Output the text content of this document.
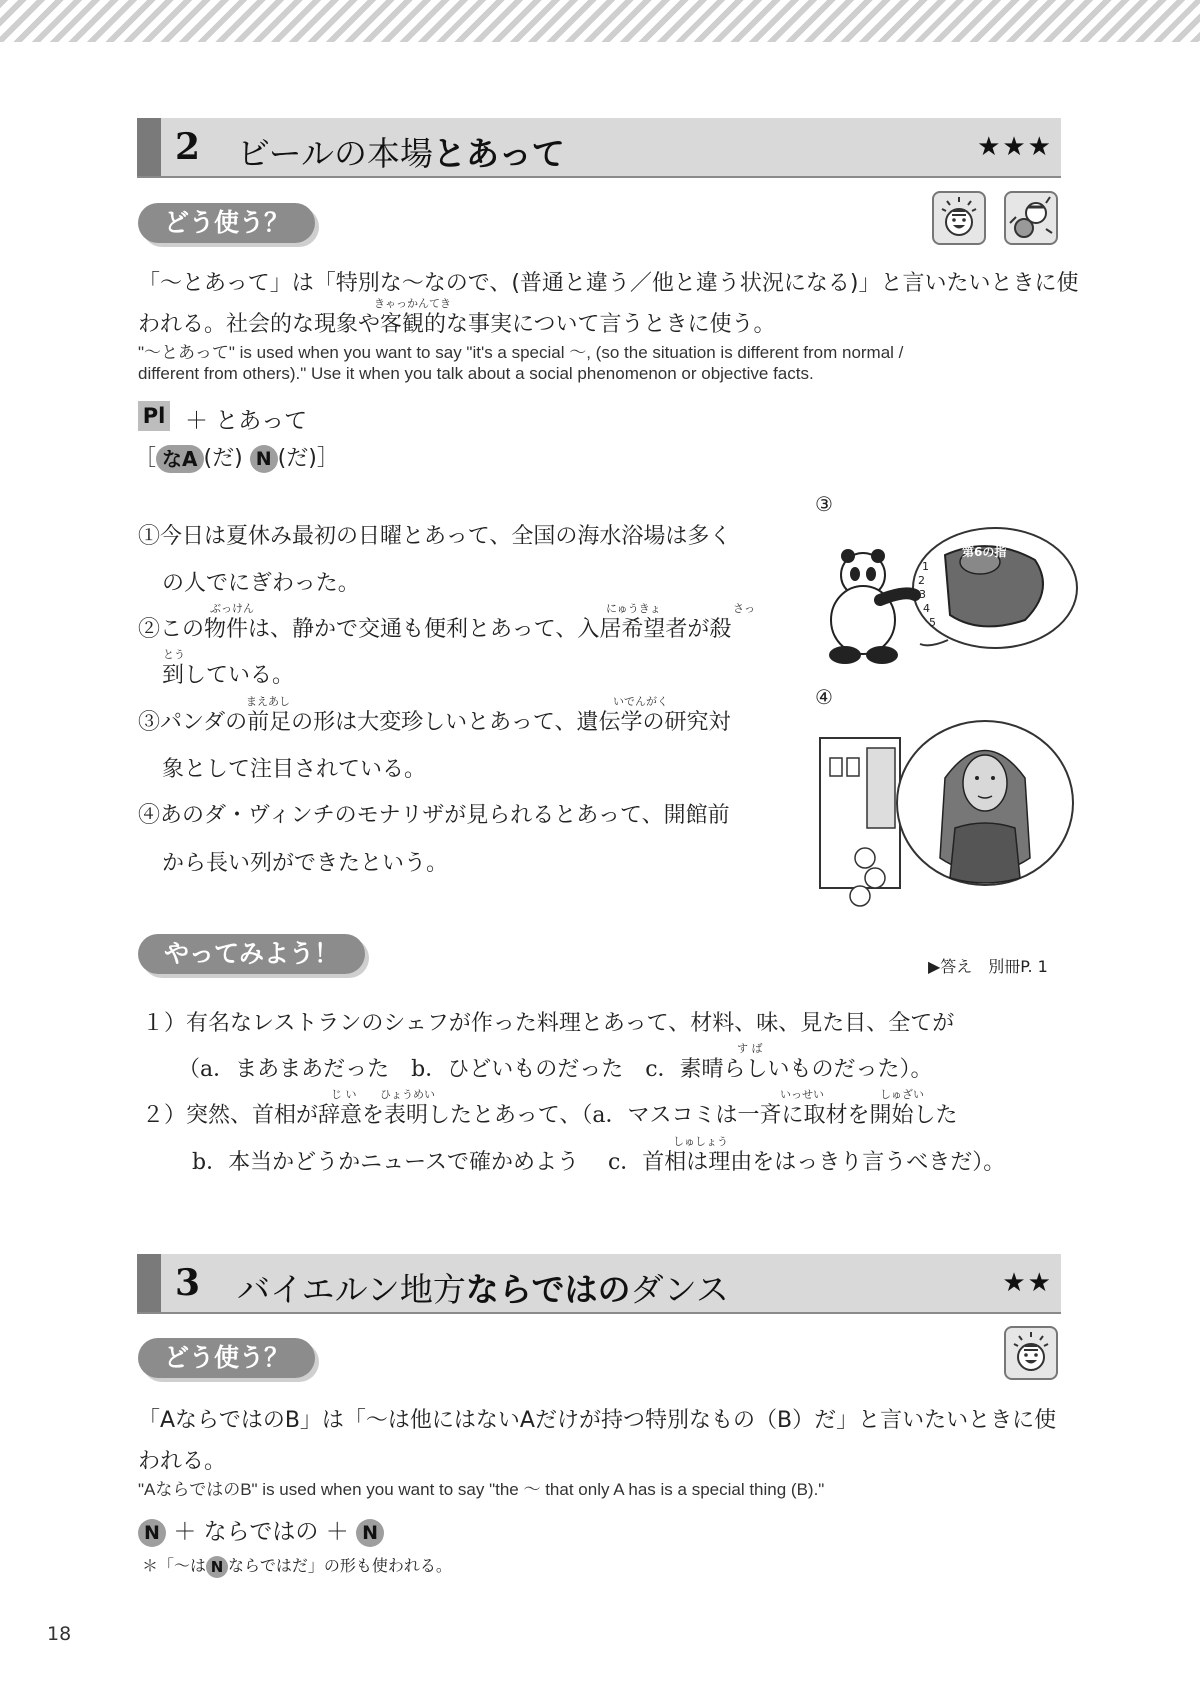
2 ビールの本場とあって	★★★
どう使う？
「〜とあって」は「特別な〜なので、(普通と違う／他と違う状況になる)」と言いたいときに使
きゃっかんてき
われる。社会的な現象や客観的な事実について言うときに使う。
"〜とあって" is used when you want to say "it's a special 〜, (so the situation is different from normal /
different from others)." Use it when you talk about a social phenomenon or objective facts.
Pl ＋ とあって
［ なA (だ) N (だ)］
①今日は夏休み最初の日曜とあって、全国の海水浴場は多く
の人でにぎわった。
ぶっけん	にゅうきょ	さっ
②この物件は、静かで交通も便利とあって、入居希望者が殺
とう
到している。
まえあし	いでんがく
③パンダの前足の形は大変珍しいとあって、遺伝学の研究対
象として注目されている。
④あのダ・ヴィンチのモナリザが見られるとあって、開館前
から長い列ができたという。
③
1
2
3
4
5
第6の指
④
やってみよう！	▶答え　別冊P. 1
１）有名なレストランのシェフが作った料理とあって、材料、味、見た目、全てが
す ば
（a．まあまあだった　b．ひどいものだった　c．素晴らしいものだった）。
じ い ひょうめい	いっせい	しゅざい
２）突然、首相が辞意を表明したとあって、（a．マスコミは一斉に取材を開始した
しゅしょう
b．本当かどうかニュースで確かめよう　 c．首相は理由をはっきり言うべきだ）。
3 バイエルン地方ならではのダンス	★★
どう使う？
「AならではのB」は「〜は他にはないAだけが持つ特別なもの（B）だ」と言いたいときに使
われる。
"AならではのB" is used when you want to say "the 〜 that only A has is a special thing (B)."
N ＋ ならではの ＋ N
＊「〜は N ならではだ」の形も使われる。
18
